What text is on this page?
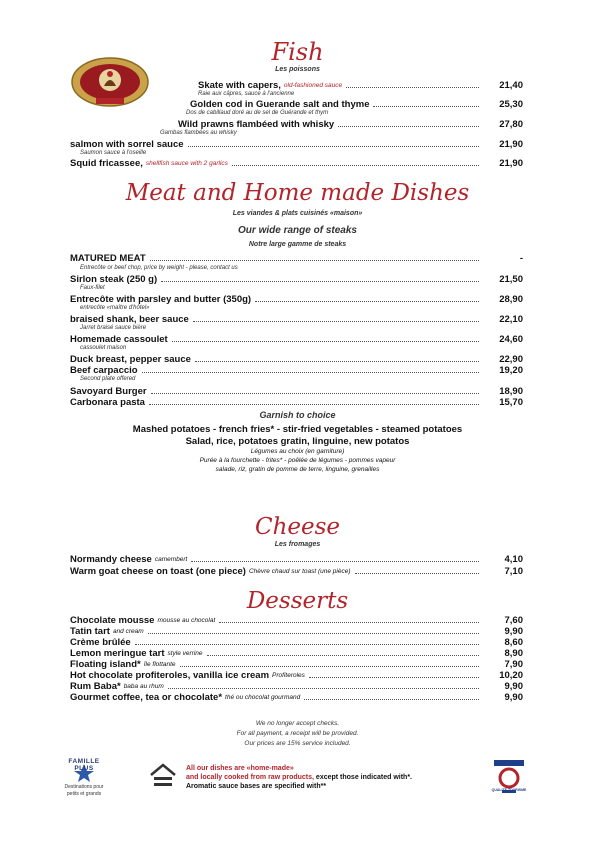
Fish
Les poissons
Skate with capers, old-fashioned sauce	21,40
Raie aux câpres, sauce à l'ancienne
Golden cod in Guerande salt and thyme	25,30
Dos de cabillaud doré au de sel de Guérande et thym
Wild prawns flambéed with whisky	27,80
Gambas flambées au whisky
salmon with sorrel sauce	21,90
Saumon sauce à l'oseille
Squid fricassee, shellfish sauce with 2 garlics	21,90
Meat and Home made Dishes
Les viandes & plats cuisinés «maison»
Our wide range of steaks
Notre large gamme de steaks
MATURED MEAT	-
Entrecôte or beef chop, price by weight - please, contact us
Sirlon steak (250 g)	21,50
Faux-filet
Entrecôte with parsley and butter (350g)	28,90
entrecôte «maître d'hôtel»
braised shank, beer sauce	22,10
Jarret braisé sauce bière
Homemade cassoulet	24,60
cassoulet maison
Duck breast, pepper sauce	22,90
Beef carpaccio	19,20
Second plate offered
Savoyard Burger	18,90
Carbonara pasta	15,70
Garnish to choice
Mashed potatoes - french fries* - stir-fried vegetables - steamed potatoes
Salad, rice, potatoes gratin, linguine, new potatos
Légumes au choix (en garniture)
Purée à la fourchette - frites* - poêlée de légumes - pommes vapeur
salade, riz, gratin de pomme de terre, linguine, grenailles
Cheese
Les fromages
Normandy cheese camembert	4,10
Warm goat cheese on toast (one piece) Chèvre chaud sur toast (une pièce)	7,10
Desserts
Chocolate mousse mousse au chocolat	7,60
Tatin tart and cream	9,90
Crème brûlée	8,60
Lemon meringue tart style verrine	8,90
Floating island* île flottante	7,90
Hot chocolate profiteroles, vanilla ice cream Profiteroles	10,20
Rum Baba* baba au rhum	9,90
Gourmet coffee, tea or chocolate* thé ou chocolat gourmand	9,90
We no longer accept checks.
For all payment, a receipt will be provided.
Our prices are 15% service included.
FAMILLE PLUS
Destinations pour
petits et grands
All our dishes are «home-made»
and locally cooked from raw products, except those indicated with*.
Aromatic sauce bases are specified with**	QUALITÉ TOURISME
